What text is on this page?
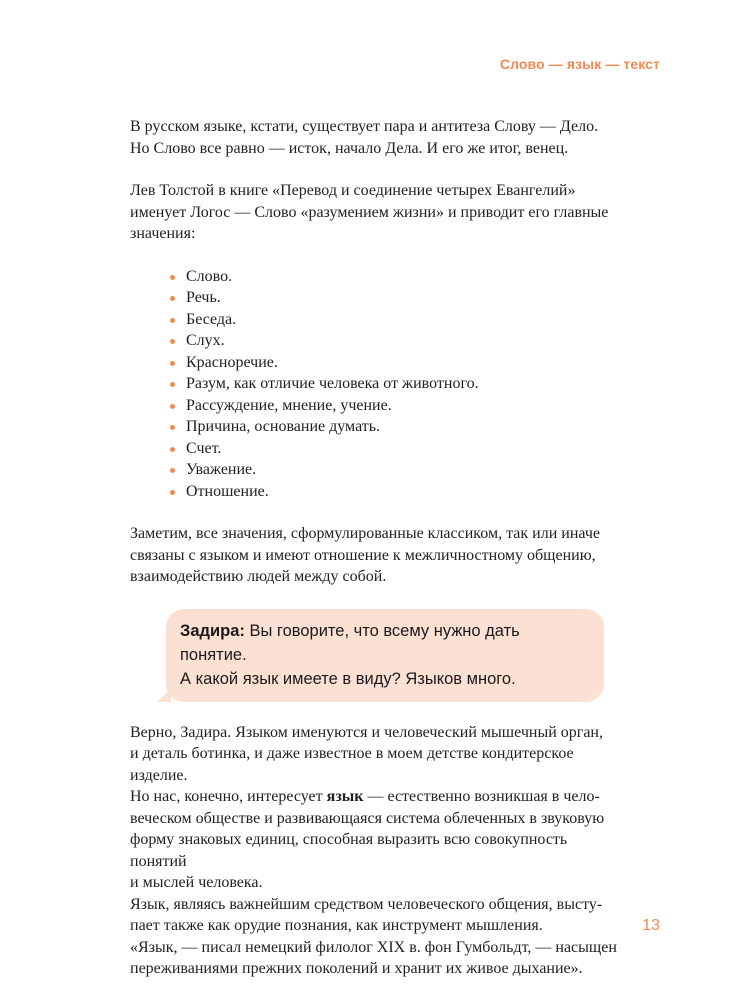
Слово — язык — текст

В русском языке, кстати, существует пара и антитеза Слову — Дело.

Но Слово все равно — исток, начало Дела. И его же итог, венец.

Лев Толстой в книге «Перевод и соединение четырех Евангелий»

именует Логос — Слово «разумением жизни» и приводит его главные

значения:

Слово.
Речь.
Беседа.
Слух.
Красноречие.
Разум, как отличие человека от животного.
Рассуждение, мнение, учение.
Причина, основание думать.
Счет.
Уважение.
Отношение.

Заметим, все значения, сформулированные классиком, так или иначе

связаны с языком и имеют отношение к межличностному общению,

взаимодействию людей между собой.

Задира: Вы говорите, что всему нужно дать понятие.
А какой язык имеете в виду? Языков много.

Верно, Задира. Языком именуются и человеческий мышечный орган,

и деталь ботинка, и даже известное в моем детстве кондитерское изделие.

Но нас, конечно, интересует язык — естественно возникшая в чело-

веческом обществе и развивающаяся система облеченных в звуковую

форму знаковых единиц, способная выразить всю совокупность понятий

и мыслей человека.

Язык, являясь важнейшим средством человеческого общения, высту-

пает также как орудие познания, как инструмент мышления.

«Язык, — писал немецкий филолог XIX в. фон Гумбольдт, — насыщен

переживаниями прежних поколений и хранит их живое дыхание».

13
